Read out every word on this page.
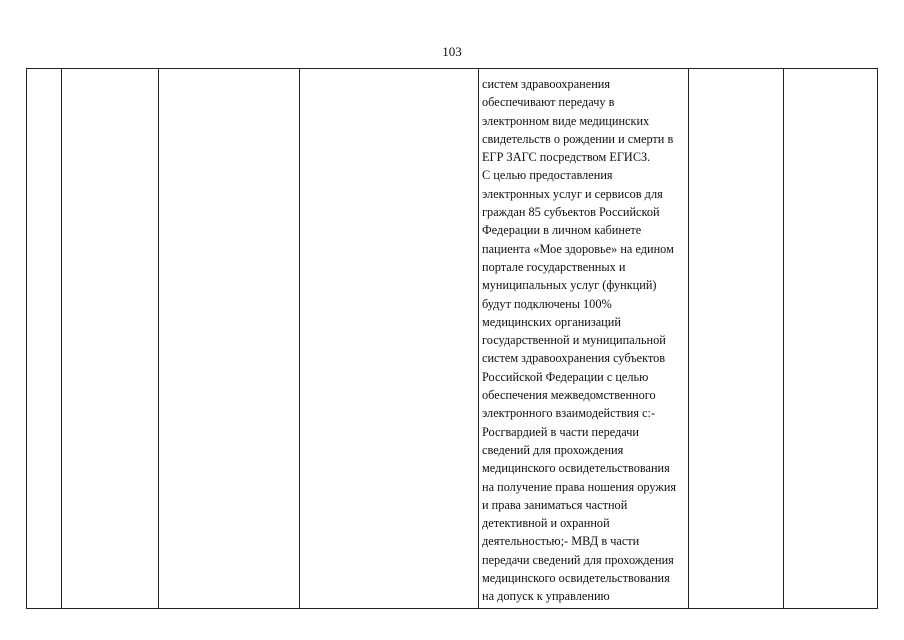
103
систем здравоохранения
обеспечивают передачу в
электронном виде медицинских
свидетельств о рождении и смерти в
ЕГР ЗАГС посредством ЕГИСЗ.
С целью предоставления
электронных услуг и сервисов для
граждан 85 субъектов Российской
Федерации в личном кабинете
пациента «Мое здоровье» на едином
портале государственных и
муниципальных услуг (функций)
будут подключены 100%
медицинских организаций
государственной и муниципальной
систем здравоохранения субъектов
Российской Федерации с целью
обеспечения межведомственного
электронного взаимодействия с:-
Росгвардией в части передачи
сведений для прохождения
медицинского освидетельствования
на получение права ношения оружия
и права заниматься частной
детективной и охранной
деятельностью;- МВД в части
передачи сведений для прохождения
медицинского освидетельствования
на допуск к управлению
